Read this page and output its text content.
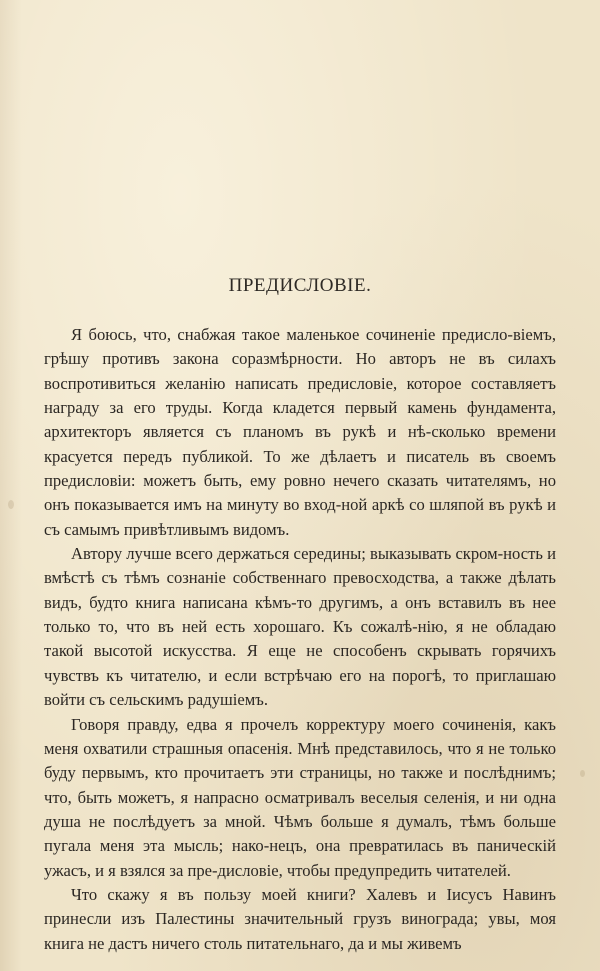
ПРЕДИСЛОВІЕ.

Я боюсь, что, снабжая такое маленькое сочиненіе предисло-віемъ, грѣшу противъ закона соразмѣрности. Но авторъ не въ силахъ воспротивиться желанію написать предисловіе, которое составляетъ награду за его труды. Когда кладется первый камень фундамента, архитекторъ является съ планомъ въ рукѣ и нѣ-сколько времени красуется передъ публикой. То же дѣлаетъ и писатель въ своемъ предисловіи: можетъ быть, ему ровно нечего сказать читателямъ, но онъ показывается имъ на минуту во вход-ной аркѣ со шляпой въ рукѣ и съ самымъ привѣтливымъ видомъ.

Автору лучше всего держаться середины; выказывать скром-ность и вмѣстѣ съ тѣмъ сознаніе собственнаго превосходства, а также дѣлать видъ, будто книга написана кѣмъ-то другимъ, а онъ вставилъ въ нее только то, что въ ней есть хорошаго. Къ сожалѣ-нію, я не обладаю такой высотой искусства. Я еще не способенъ скрывать горячихъ чувствъ къ читателю, и если встрѣчаю его на порогѣ, то приглашаю войти съ сельскимъ радушіемъ.

Говоря правду, едва я прочелъ корректуру моего сочиненія, какъ меня охватили страшныя опасенія. Мнѣ представилось, что я не только буду первымъ, кто прочитаетъ эти страницы, но также и послѣднимъ; что, быть можетъ, я напрасно осматривалъ веселыя селенія, и ни одна душа не послѣдуетъ за мной. Чѣмъ больше я думалъ, тѣмъ больше пугала меня эта мысль; нако-нецъ, она превратилась въ паническій ужасъ, и я взялся за пре-дисловіе, чтобы предупредить читателей.

Что скажу я въ пользу моей книги? Халевъ и Іисусъ Навинъ принесли изъ Палестины значительный грузъ винограда; увы, моя книга не дастъ ничего столь питательнаго, да и мы живемъ
